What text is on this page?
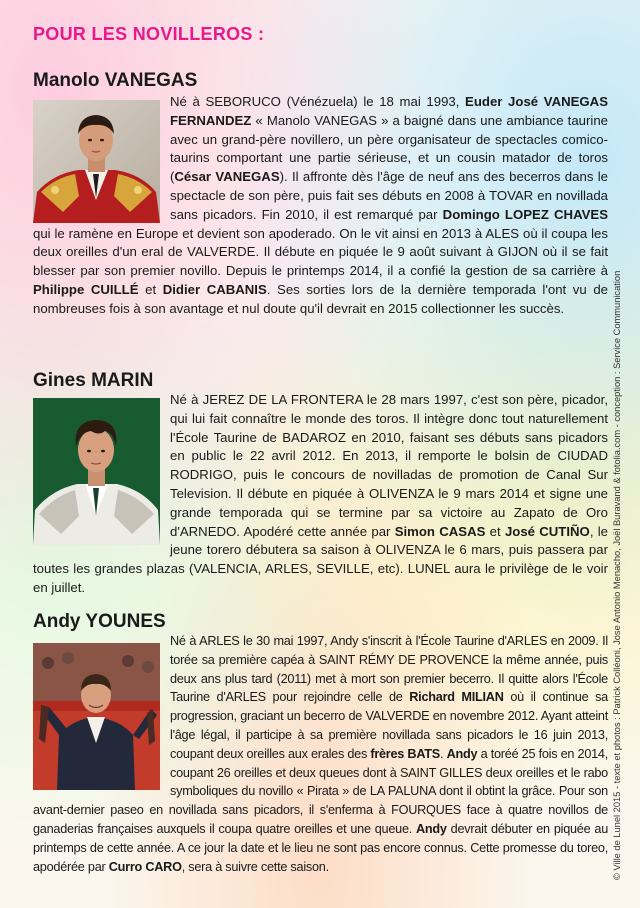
POUR LES NOVILLEROS :
Manolo VANEGAS
Né à SEBORUCO (Vénézuela) le 18 mai 1993, Euder José VANEGAS FERNANDEZ « Manolo VANEGAS » a baigné dans une ambiance taurine avec un grand-père novillero, un père organisateur de spectacles comico-taurins comportant une partie sérieuse, et un cousin matador de toros (César VANEGAS). Il affronte dès l'âge de neuf ans des becerros dans le spectacle de son père, puis fait ses débuts en 2008 à TOVAR en novillada sans picadors. Fin 2010, il est remarqué par Domingo LOPEZ CHAVES qui le ramène en Europe et devient son apoderado. On le vit ainsi en 2013 à ALES où il coupa les deux oreilles d'un eral de VALVERDE. Il débute en piquée le 9 août suivant à GIJON où il se fait blesser par son premier novillo. Depuis le printemps 2014, il a confié la gestion de sa carrière à Philippe CUILLÉ et Didier CABANIS. Ses sorties lors de la dernière temporada l'ont vu de nombreuses fois à son avantage et nul doute qu'il devrait en 2015 collectionner les succès.
Gines MARIN
Né à JEREZ DE LA FRONTERA le 28 mars 1997, c'est son père, picador, qui lui fait connaître le monde des toros. Il intègre donc tout naturellement l'École Taurine de BADAROZ en 2010, faisant ses débuts sans picadors en public le 22 avril 2012. En 2013, il remporte le bolsin de CIUDAD RODRIGO, puis le concours de novilladas de promotion de Canal Sur Television. Il débute en piquée à OLIVENZA le 9 mars 2014 et signe une grande temporada qui se termine par sa victoire au Zapato de Oro d'ARNEDO. Apodéré cette année par Simon CASAS et José CUTIÑO, le jeune torero débutera sa saison à OLIVENZA le 6 mars, puis passera par toutes les grandes plazas (VALENCIA, ARLES, SEVILLE, etc). LUNEL aura le privilège de le voir en juillet.
Andy YOUNES
Né à ARLES le 30 mai 1997, Andy s'inscrit à l'École Taurine d'ARLES en 2009. Il torée sa première capéa à SAINT RÉMY DE PROVENCE la même année, puis deux ans plus tard (2011) met à mort son premier becerro. Il quitte alors l'École Taurine d'ARLES pour rejoindre celle de Richard MILIAN où il continue sa progression, graciant un becerro de VALVERDE en novembre 2012. Ayant atteint l'âge légal, il participe à sa première novillada sans picadors le 16 juin 2013, coupant deux oreilles aux erales des frères BATS. Andy a toréé 25 fois en 2014, coupant 26 oreilles et deux queues dont à SAINT GILLES deux oreilles et le rabo symboliques du novillo « Pirata » de LA PALUNA dont il obtint la grâce. Pour son avant-dernier paseo en novillada sans picadors, il s'enferma à FOURQUES face à quatre novillos de ganaderias françaises auxquels il coupa quatre oreilles et une queue. Andy devrait débuter en piquée au printemps de cette année. A ce jour la date et le lieu ne sont pas encore connus. Cette promesse du toreo, apodérée par Curro CARO, sera à suivre cette saison.	© Ville de Lunel 2015 - texte et photos : Patrick Colléoni, Jose Antonio Menacho, Joël Buravand & fotolia.com - conception : Service Communication
